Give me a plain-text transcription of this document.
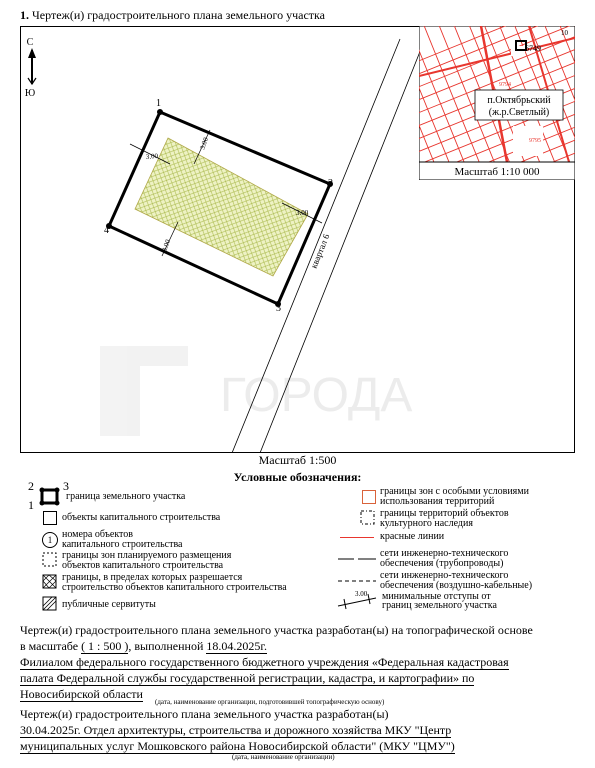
1. Чертеж(и) градостроительного плана земельного участка
ГОРОДА
квартал 6
С
Ю
1
2
3
4
3.00
3.00
3.00
3.00
6749
10
9794
9795
п.Октябрьский
(ж.р.Светлый)
Масштаб 1:10 000
Масштаб 1:500
Условные обозначения:
2 3
1
граница земельного участка
объекты капитального строительства
1 номера объектов
капитального строительства
границы зон планируемого размещения
объектов капитального строительства
границы, в пределах которых разрешается
строительство объектов капитального строительства
публичные сервитуты
границы зон с особыми условиями
использования территорий
границы территорий объектов
культурного наследия
красные линии
сети инженерно-технического
обеспечения (трубопроводы)
сети инженерно-технического
обеспечения (воздушно-кабельные)
3.00 минимальные отступы от
границ земельного участка
Чертеж(и) градостроительного плана земельного участка разработан(ы) на топографической основе
в масштабе ( 1 : 500 ), выполненной 18.04.2025г.
Филиалом федерального государственного бюджетного учреждения «Федеральная кадастровая
палата Федеральной службы государственной регистрации, кадастра, и картографии» по
Новосибирской области
(дата, наименование организации, подготовившей топографическую основу)
Чертеж(и) градостроительного плана земельного участка разработан(ы)
30.04.2025г. Отдел архитектуры, строительства и дорожного хозяйства МКУ "Центр
муниципальных услуг Мошковского района Новосибирской области" (МКУ "ЦМУ")
(дата, наименование организации)
